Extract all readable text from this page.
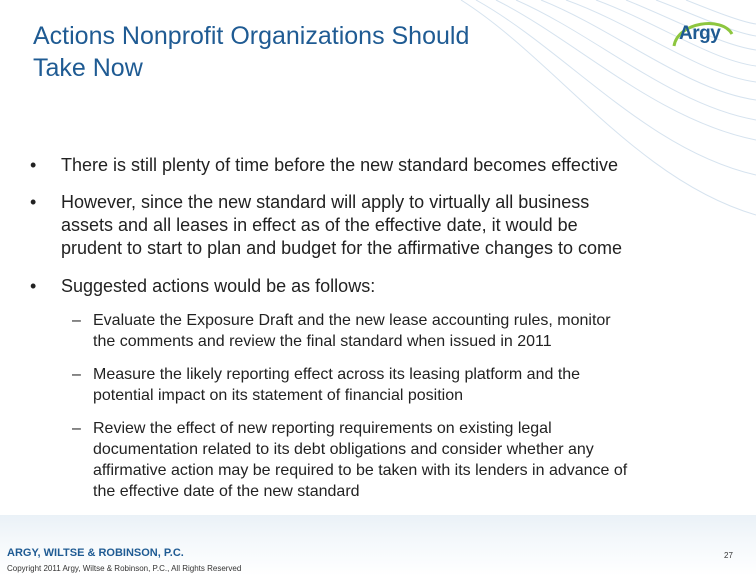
Actions Nonprofit Organizations Should
Take Now
Argy
• There is still plenty of time before the new standard becomes effective
• However, since the new standard will apply to virtually all business
assets and all leases in effect as of the effective date, it would be
prudent to start to plan and budget for the affirmative changes to come
• Suggested actions would be as follows:
– Evaluate the Exposure Draft and the new lease accounting rules, monitor
the comments and review the final standard when issued in 2011
– Measure the likely reporting effect across its leasing platform and the
potential impact on its statement of financial position
– Review the effect of new reporting requirements on existing legal
documentation related to its debt obligations and consider whether any
affirmative action may be required to be taken with its lenders in advance of
the effective date of the new standard
ARGY, WILTSE & ROBINSON, P.C.
Copyright 2011 Argy, Wiltse & Robinson, P.C., All Rights Reserved
27
